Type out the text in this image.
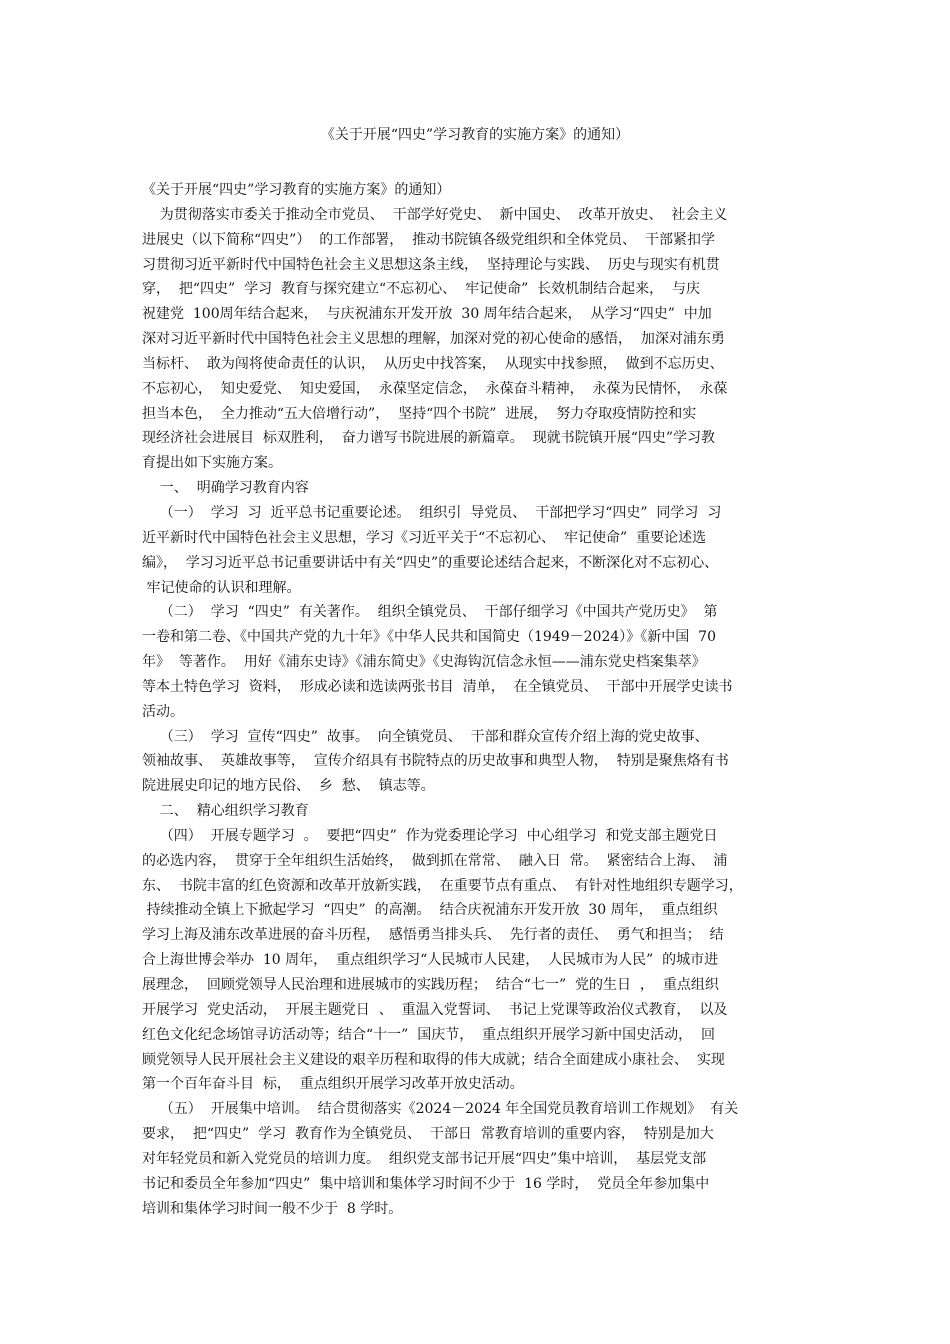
《关于开展“四史”学习教育的实施方案》的通知）
《关于开展“四史”学习教育的实施方案》的通知）
为贯彻落实市委关于推动全市党员、  干部学好党史、  新中国史、  改革开放史、  社会主义
进展史（以下简称“四史”）  的工作部署，  推动书院镇各级党组织和全体党员、  干部紧扣学
习贯彻习近平新时代中国特色社会主义思想这条主线，  坚持理论与实践、  历史与现实有机贯
穿，  把“四史”  学习  教育与探究建立“不忘初心、  牢记使命”  长效机制结合起来，  与庆
祝建党  100周年结合起来，  与庆祝浦东开发开放  30 周年结合起来，  从学习“四史”  中加
深对习近平新时代中国特色社会主义思想的理解，加深对党的初心使命的感悟，  加深对浦东勇
当标杆、  敢为闯将使命责任的认识，  从历史中找答案，  从现实中找参照，  做到不忘历史、
不忘初心，  知史爱党、  知史爱国，  永葆坚定信念，  永葆奋斗精神，  永葆为民情怀，  永葆
担当本色，  全力推动“五大倍增行动”，  坚持“四个书院”  进展，  努力夺取疫情防控和实
现经济社会进展目  标双胜利，  奋力谱写书院进展的新篇章。  现就书院镇开展“四史”学习教
育提出如下实施方案。
一、  明确学习教育内容
（一）  学习  习  近平总书记重要论述。  组织引  导党员、  干部把学习“四史”  同学习  习
近平新时代中国特色社会主义思想，学习《习近平关于“不忘初心、  牢记使命”  重要论述选
编》，  学习习近平总书记重要讲话中有关“四史”的重要论述结合起来，不断深化对不忘初心、
牢记使命的认识和理解。
（二）  学习  “四史”  有关著作。  组织全镇党员、  干部仔细学习《中国共产党历史》  第
一卷和第二卷、《中国共产党的九十年》《中华人民共和国简史（1949－2024）》《新中国  70
年》  等著作。  用好《浦东史诗》《浦东简史》《史海钩沉信念永恒——浦东党史档案集萃》
等本土特色学习  资料，  形成必读和选读两张书目  清单，  在全镇党员、  干部中开展学史读书
活动。
（三）  学习  宣传“四史”  故事。  向全镇党员、  干部和群众宣传介绍上海的党史故事、
领袖故事、  英雄故事等，  宣传介绍具有书院特点的历史故事和典型人物，  特别是聚焦烙有书
院进展史印记的地方民俗、  乡  愁、  镇志等。
二、  精心组织学习教育
（四）  开展专题学习  。  要把“四史”  作为党委理论学习  中心组学习  和党支部主题党日
的必选内容，  贯穿于全年组织生活始终，  做到抓在常常、  融入日  常。  紧密结合上海、  浦
东、  书院丰富的红色资源和改革开放新实践，  在重要节点有重点、  有针对性地组织专题学习，
持续推动全镇上下掀起学习  “四史”  的高潮。  结合庆祝浦东开发开放  30 周年，  重点组织
学习上海及浦东改革进展的奋斗历程，  感悟勇当排头兵、  先行者的责任、  勇气和担当；  结
合上海世博会举办  10 周年，  重点组织学习“人民城市人民建，  人民城市为人民”  的城市进
展理念，  回顾党领导人民治理和进展城市的实践历程；  结合“七一”  党的生日  ，  重点组织
开展学习  党史活动，  开展主题党日  、  重温入党誓词、  书记上党课等政治仪式教育，  以及
红色文化纪念场馆寻访活动等；结合“十一”  国庆节，  重点组织开展学习新中国史活动，  回
顾党领导人民开展社会主义建设的艰辛历程和取得的伟大成就；结合全面建成小康社会、  实现
第一个百年奋斗目  标，  重点组织开展学习改革开放史活动。
（五）  开展集中培训。  结合贯彻落实《2024－2024 年全国党员教育培训工作规划》  有关
要求，  把“四史”  学习  教育作为全镇党员、  干部日  常教育培训的重要内容，  特别是加大
对年轻党员和新入党党员的培训力度。  组织党支部书记开展“四史”集中培训，  基层党支部
书记和委员全年参加“四史”  集中培训和集体学习时间不少于  16 学时，  党员全年参加集中
培训和集体学习时间一般不少于  8 学时。
